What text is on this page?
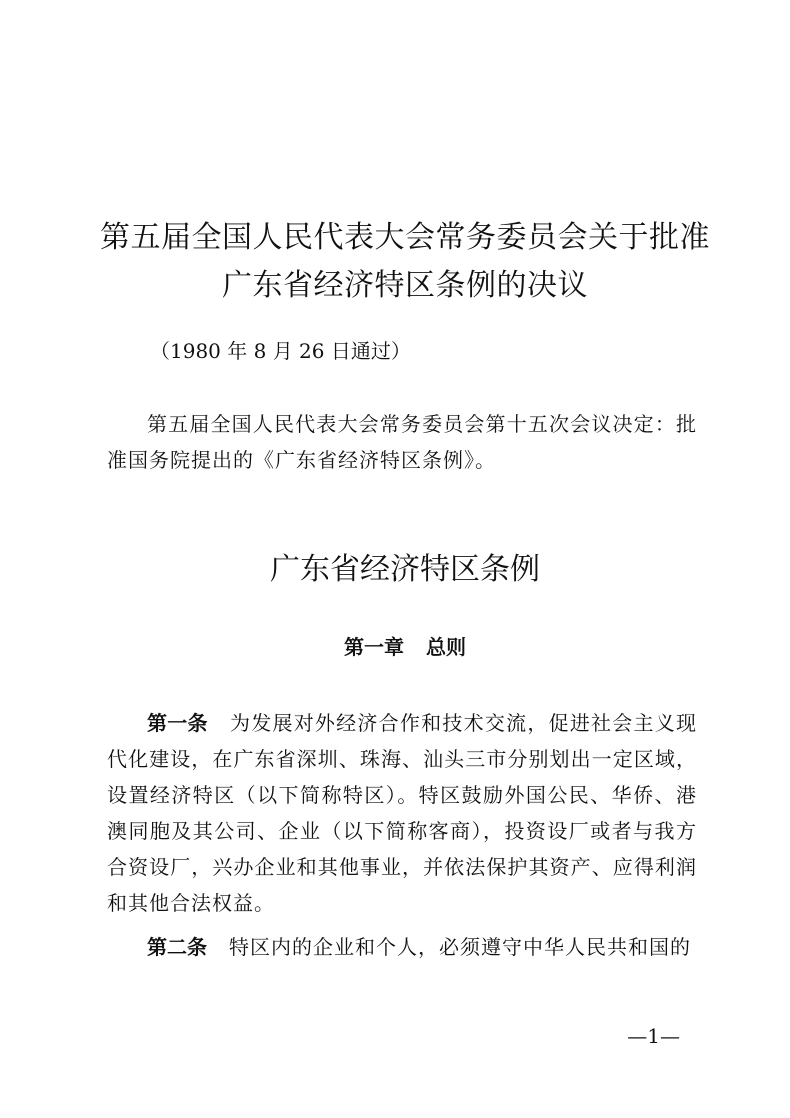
第五届全国人民代表大会常务委员会关于批准
广东省经济特区条例的决议
（1980 年 8 月 26 日通过）

第五届全国人民代表大会常务委员会第十五次会议决定：批准国务院提出的《广东省经济特区条例》。

广东省经济特区条例
第一章 总则

第一条 为发展对外经济合作和技术交流，促进社会主义现代化建设，在广东省深圳、珠海、汕头三市分别划出一定区域，设置经济特区（以下简称特区）。特区鼓励外国公民、华侨、港澳同胞及其公司、企业（以下简称客商），投资设厂或者与我方合资设厂，兴办企业和其他事业，并依法保护其资产、应得利润和其他合法权益。

第二条 特区内的企业和个人，必须遵守中华人民共和国的

—1—
